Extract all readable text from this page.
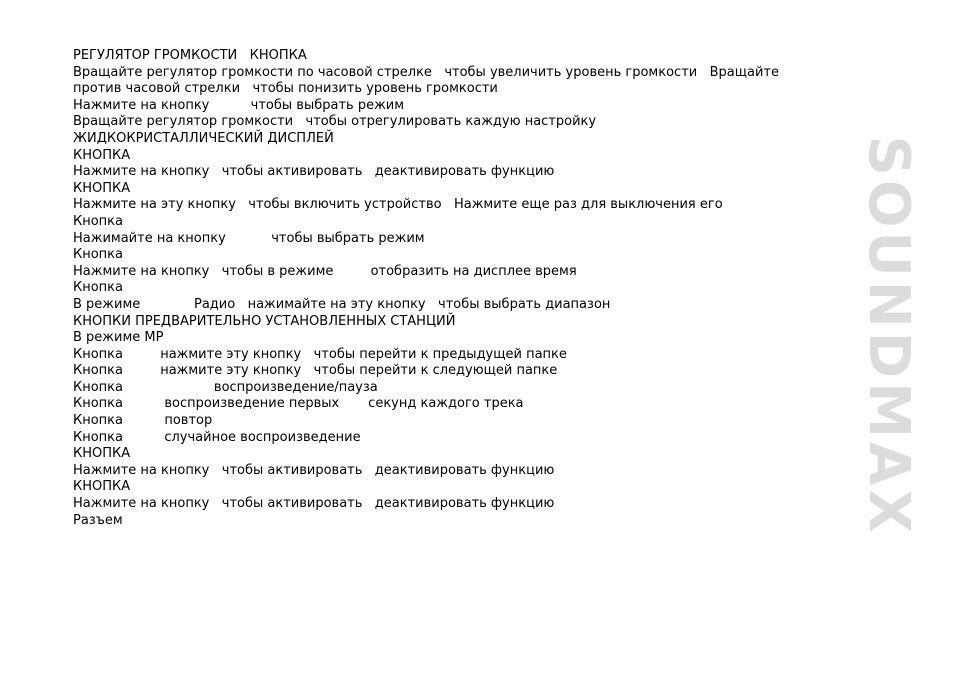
РЕГУЛЯТОР ГРОМКОСТИ   КНОПКА

Вращайте регулятор громкости по часовой стрелке   чтобы увеличить уровень громкости   Вращайте

против часовой стрелки   чтобы понизить уровень громкости

Нажмите на кнопку          чтобы выбрать режим

Вращайте регулятор громкости   чтобы отрегулировать каждую настройку

ЖИДКОКРИСТАЛЛИЧЕСКИЙ ДИСПЛЕЙ

КНОПКА

Нажмите на кнопку   чтобы активировать   деактивировать функцию

КНОПКА

Нажмите на эту кнопку   чтобы включить устройство   Нажмите еще раз для выключения его

Кнопка

Нажимайте на кнопку           чтобы выбрать режим

Кнопка

Нажмите на кнопку   чтобы в режиме         отобразить на дисплее время

Кнопка

В режиме             Радио   нажимайте на эту кнопку   чтобы выбрать диапазон

КНОПКИ ПРЕДВАРИТЕЛЬНО УСТАНОВЛЕННЫХ СТАНЦИЙ

В режиме MP

Кнопка         нажмите эту кнопку   чтобы перейти к предыдущей папке

Кнопка         нажмите эту кнопку   чтобы перейти к следующей папке

Кнопка                      воспроизведение/пауза

Кнопка          воспроизведение первых       секунд каждого трека

Кнопка          повтор

Кнопка          случайное воспроизведение

КНОПКА

Нажмите на кнопку   чтобы активировать   деактивировать функцию

КНОПКА

Нажмите на кнопку   чтобы активировать   деактивировать функцию

Разъем	SOUNDMAX
